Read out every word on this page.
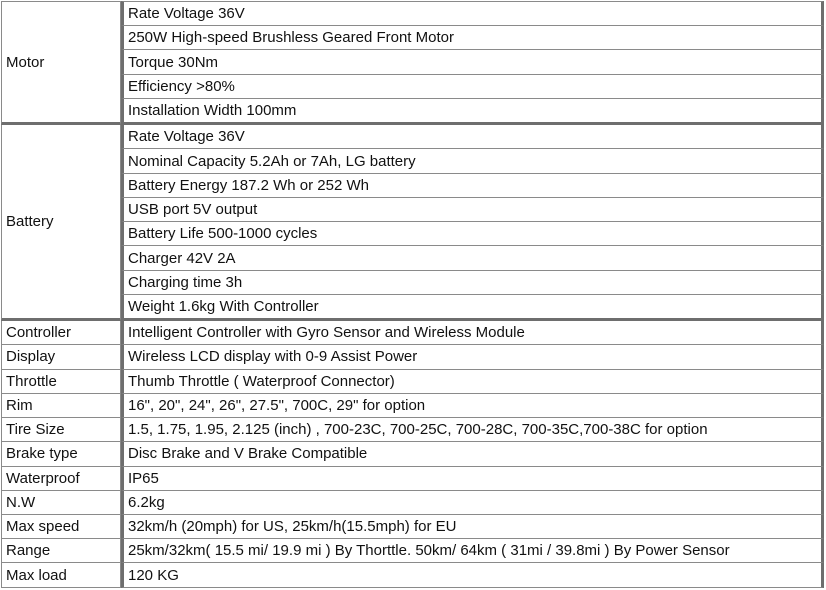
Motor	Rate Voltage 36V
	250W High-speed Brushless Geared Front Motor
	Torque 30Nm
	Efficiency >80%
	Installation Width 100mm
Battery	Rate Voltage 36V
	Nominal Capacity 5.2Ah or 7Ah, LG battery
	Battery Energy 187.2 Wh or 252 Wh
	USB port 5V output
	Battery Life 500-1000 cycles
	Charger 42V 2A
	Charging time 3h
	Weight 1.6kg With Controller
Controller	Intelligent Controller with Gyro Sensor and Wireless Module
Display	Wireless LCD display with 0-9 Assist Power
Throttle	Thumb Throttle ( Waterproof Connector)
Rim	16", 20", 24", 26", 27.5", 700C, 29" for option
Tire Size	1.5, 1.75, 1.95, 2.125 (inch) , 700-23C, 700-25C, 700-28C, 700-35C,700-38C for option
Brake type	Disc Brake and V Brake Compatible
Waterproof	IP65
N.W	6.2kg
Max speed	32km/h (20mph) for US, 25km/h(15.5mph) for EU
Range	25km/32km( 15.5 mi/ 19.9 mi ) By Thorttle. 50km/ 64km ( 31mi / 39.8mi ) By Power Sensor
Max load	120 KG
